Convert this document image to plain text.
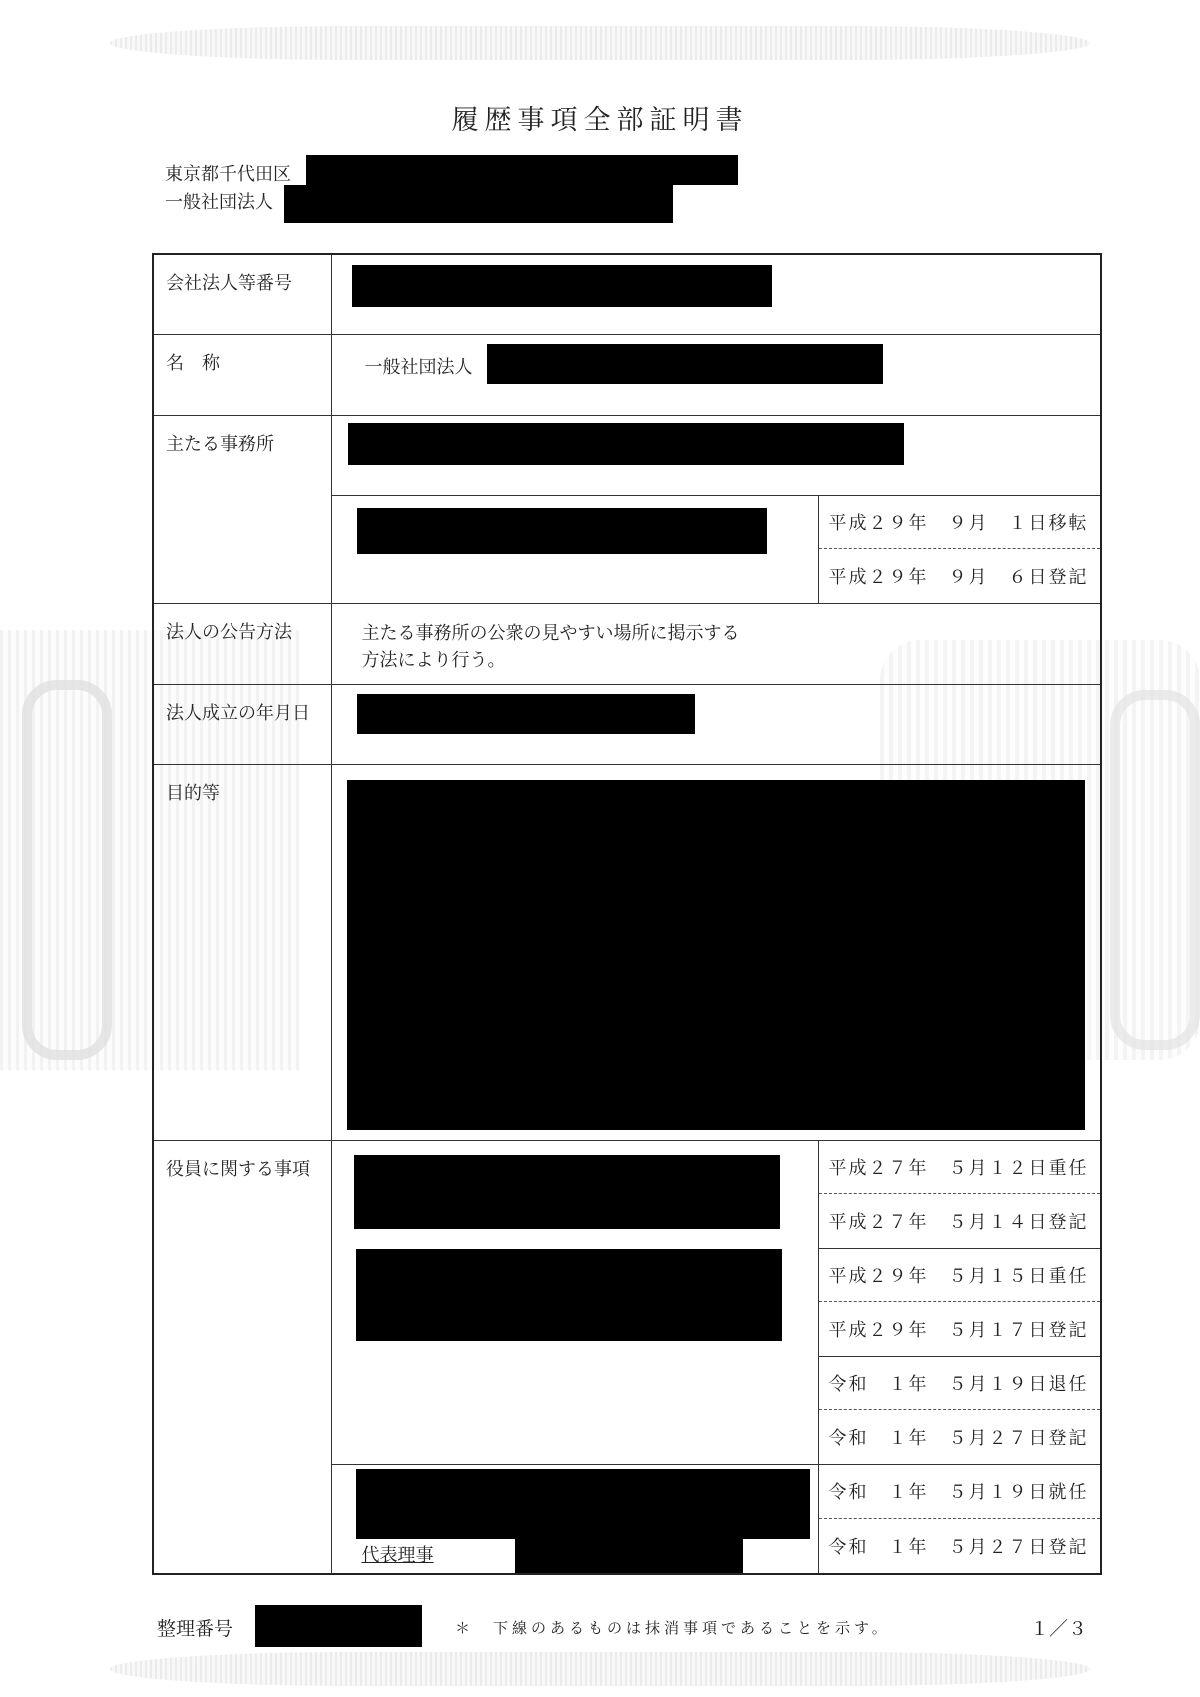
履歴事項全部証明書
東京都千代田区
一般社団法人
会社法人等番号		

名　称	一般社団法人	

主たる事務所		

平成２９年　９月　１日移転
平成２９年　９月　６日登記

法人の公告方法	主たる事務所の公衆の見やすい場所に掲示する
方法により行う。	

法人成立の年月日		

目的等		

役員に関する事項		平成２７年　５月１２日重任
平成２７年　５月１４日登記

平成２９年　５月１５日重任
平成２９年　５月１７日登記

令和　１年　５月１９日退任
令和　１年　５月２７日登記

	代表理事	令和　１年　５月１９日就任
令和　１年　５月２７日登記
整理番号	＊　下線のあるものは抹消事項であることを示す。	１／３
